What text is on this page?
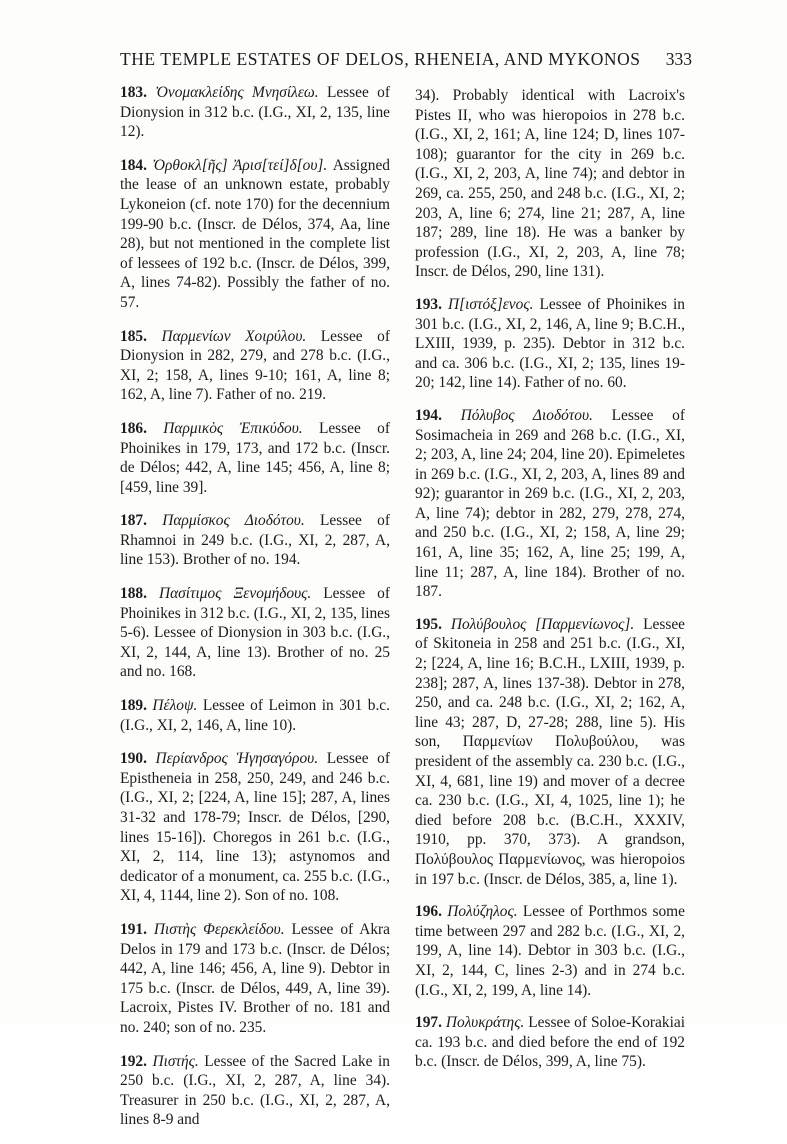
THE TEMPLE ESTATES OF DELOS, RHENEIA, AND MYKONOS 333

183. Ὀνομακλείδης Μνησίλεω. Lessee of Dionysion in 312 b.c. (I.G., XI, 2, 135, line 12).

184. Ὀρθοκλ[ῆς] Ἀρισ[τεί]δ[ου]. Assigned the lease of an unknown estate, probably Lykoneion (cf. note 170) for the decennium 199-90 b.c. (Inscr. de Délos, 374, Aa, line 28), but not mentioned in the complete list of lessees of 192 b.c. (Inscr. de Délos, 399, A, lines 74-82). Possibly the father of no. 57.

185. Παρμενίων Χοιρύλου. Lessee of Dionysion in 282, 279, and 278 b.c. (I.G., XI, 2; 158, A, lines 9-10; 161, A, line 8; 162, A, line 7). Father of no. 219.

186. Παρμικὸς Ἐπικύδου. Lessee of Phoinikes in 179, 173, and 172 b.c. (Inscr. de Délos; 442, A, line 145; 456, A, line 8; [459, line 39].

187. Παρμίσκος Διοδότου. Lessee of Rhamnoi in 249 b.c. (I.G., XI, 2, 287, A, line 153). Brother of no. 194.

188. Πασίτιμος Ξενομήδους. Lessee of Phoinikes in 312 b.c. (I.G., XI, 2, 135, lines 5-6). Lessee of Dionysion in 303 b.c. (I.G., XI, 2, 144, A, line 13). Brother of no. 25 and no. 168.

189. Πέλοψ. Lessee of Leimon in 301 b.c. (I.G., XI, 2, 146, A, line 10).

190. Περίανδρος Ἡγησαγόρου. Lessee of Epistheneia in 258, 250, 249, and 246 b.c. (I.G., XI, 2; [224, A, line 15]; 287, A, lines 31-32 and 178-79; Inscr. de Délos, [290, lines 15-16]). Choregos in 261 b.c. (I.G., XI, 2, 114, line 13); astynomos and dedicator of a monument, ca. 255 b.c. (I.G., XI, 4, 1144, line 2). Son of no. 108.

191. Πιστὴς Φερεκλείδου. Lessee of Akra Delos in 179 and 173 b.c. (Inscr. de Délos; 442, A, line 146; 456, A, line 9). Debtor in 175 b.c. (Inscr. de Délos, 449, A, line 39). Lacroix, Pistes IV. Brother of no. 181 and no. 240; son of no. 235.

192. Πιστής. Lessee of the Sacred Lake in 250 b.c. (I.G., XI, 2, 287, A, line 34). Treasurer in 250 b.c. (I.G., XI, 2, 287, A, lines 8-9 and

34). Probably identical with Lacroix's Pistes II, who was hieropoios in 278 b.c. (I.G., XI, 2, 161; A, line 124; D, lines 107-108); guarantor for the city in 269 b.c. (I.G., XI, 2, 203, A, line 74); and debtor in 269, ca. 255, 250, and 248 b.c. (I.G., XI, 2; 203, A, line 6; 274, line 21; 287, A, line 187; 289, line 18). He was a banker by profession (I.G., XI, 2, 203, A, line 78; Inscr. de Délos, 290, line 131).

193. Π[ιστόξ]ενος. Lessee of Phoinikes in 301 b.c. (I.G., XI, 2, 146, A, line 9; B.C.H., LXIII, 1939, p. 235). Debtor in 312 b.c. and ca. 306 b.c. (I.G., XI, 2; 135, lines 19-20; 142, line 14). Father of no. 60.

194. Πόλυβος Διοδότου. Lessee of Sosimacheia in 269 and 268 b.c. (I.G., XI, 2; 203, A, line 24; 204, line 20). Epimeletes in 269 b.c. (I.G., XI, 2, 203, A, lines 89 and 92); guarantor in 269 b.c. (I.G., XI, 2, 203, A, line 74); debtor in 282, 279, 278, 274, and 250 b.c. (I.G., XI, 2; 158, A, line 29; 161, A, line 35; 162, A, line 25; 199, A, line 11; 287, A, line 184). Brother of no. 187.

195. Πολύβουλος [Παρμενίωνος]. Lessee of Skitoneia in 258 and 251 b.c. (I.G., XI, 2; [224, A, line 16; B.C.H., LXIII, 1939, p. 238]; 287, A, lines 137-38). Debtor in 278, 250, and ca. 248 b.c. (I.G., XI, 2; 162, A, line 43; 287, D, 27-28; 288, line 5). His son, Παρμενίων Πολυβούλου, was president of the assembly ca. 230 b.c. (I.G., XI, 4, 681, line 19) and mover of a decree ca. 230 b.c. (I.G., XI, 4, 1025, line 1); he died before 208 b.c. (B.C.H., XXXIV, 1910, pp. 370, 373). A grandson, Πολύβουλος Παρμενίωνος, was hieropoios in 197 b.c. (Inscr. de Délos, 385, a, line 1).

196. Πολύζηλος. Lessee of Porthmos some time between 297 and 282 b.c. (I.G., XI, 2, 199, A, line 14). Debtor in 303 b.c. (I.G., XI, 2, 144, C, lines 2-3) and in 274 b.c. (I.G., XI, 2, 199, A, line 14).

197. Πολυκράτης. Lessee of Soloe-Korakiai ca. 193 b.c. and died before the end of 192 b.c. (Inscr. de Délos, 399, A, line 75).
